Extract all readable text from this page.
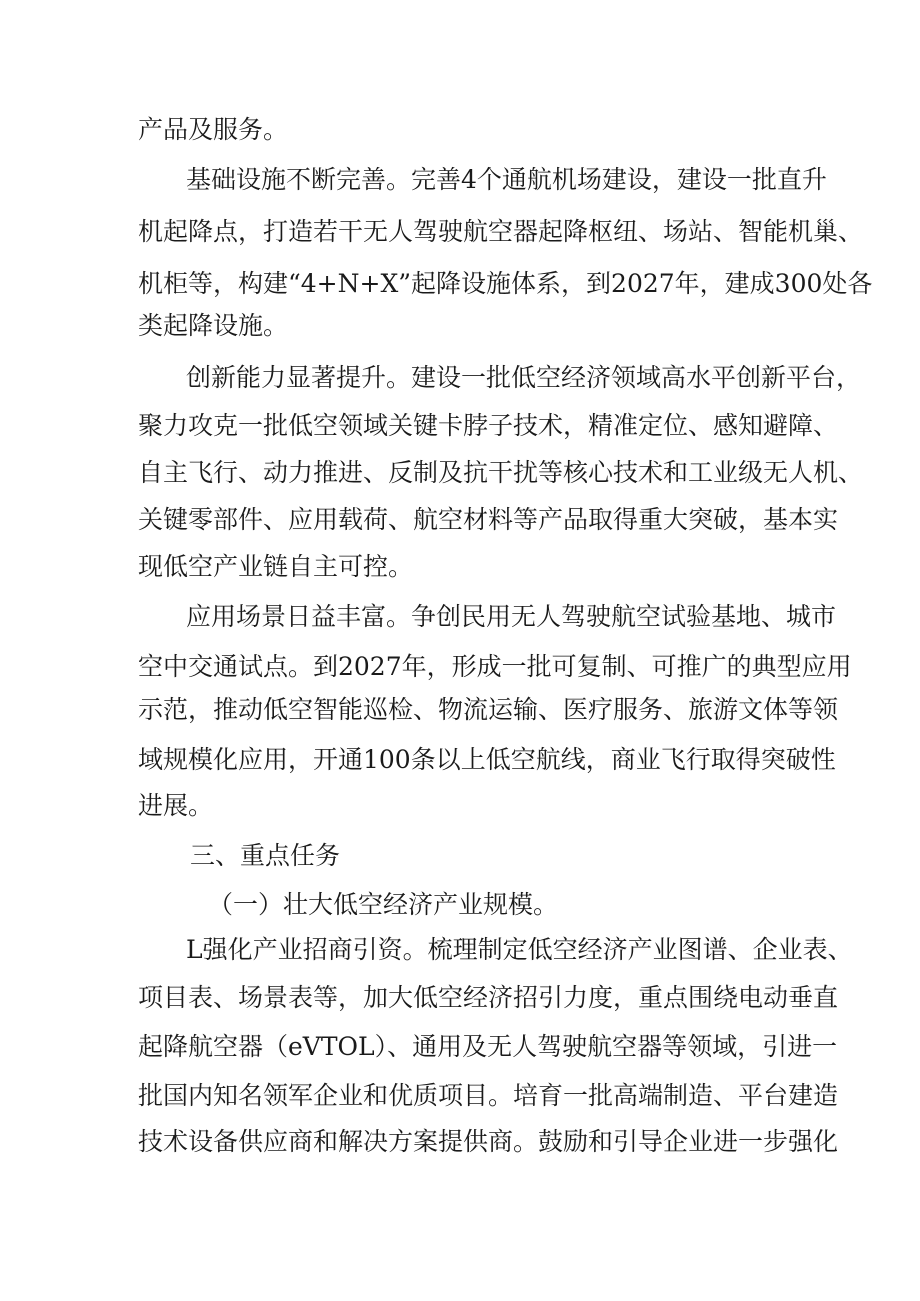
产品及服务。
基础设施不断完善。完善4个通航机场建设，建设一批直升
机起降点，打造若干无人驾驶航空器起降枢纽、场站、智能机巢、
机柜等，构建“4+N+X”起降设施体系，到2027年，建成300处各
类起降设施。
创新能力显著提升。建设一批低空经济领域高水平创新平台，
聚力攻克一批低空领域关键卡脖子技术，精准定位、感知避障、
自主飞行、动力推进、反制及抗干扰等核心技术和工业级无人机、
关键零部件、应用载荷、航空材料等产品取得重大突破，基本实
现低空产业链自主可控。
应用场景日益丰富。争创民用无人驾驶航空试验基地、城市
空中交通试点。到2027年，形成一批可复制、可推广的典型应用
示范，推动低空智能巡检、物流运输、医疗服务、旅游文体等领
域规模化应用，开通100条以上低空航线，商业飞行取得突破性
进展。
三、重点任务
（一）壮大低空经济产业规模。
L强化产业招商引资。梳理制定低空经济产业图谱、企业表、
项目表、场景表等，加大低空经济招引力度，重点围绕电动垂直
起降航空器（eVTOL）、通用及无人驾驶航空器等领域，引进一
批国内知名领军企业和优质项目。培育一批高端制造、平台建造
技术设备供应商和解决方案提供商。鼓励和引导企业进一步强化
